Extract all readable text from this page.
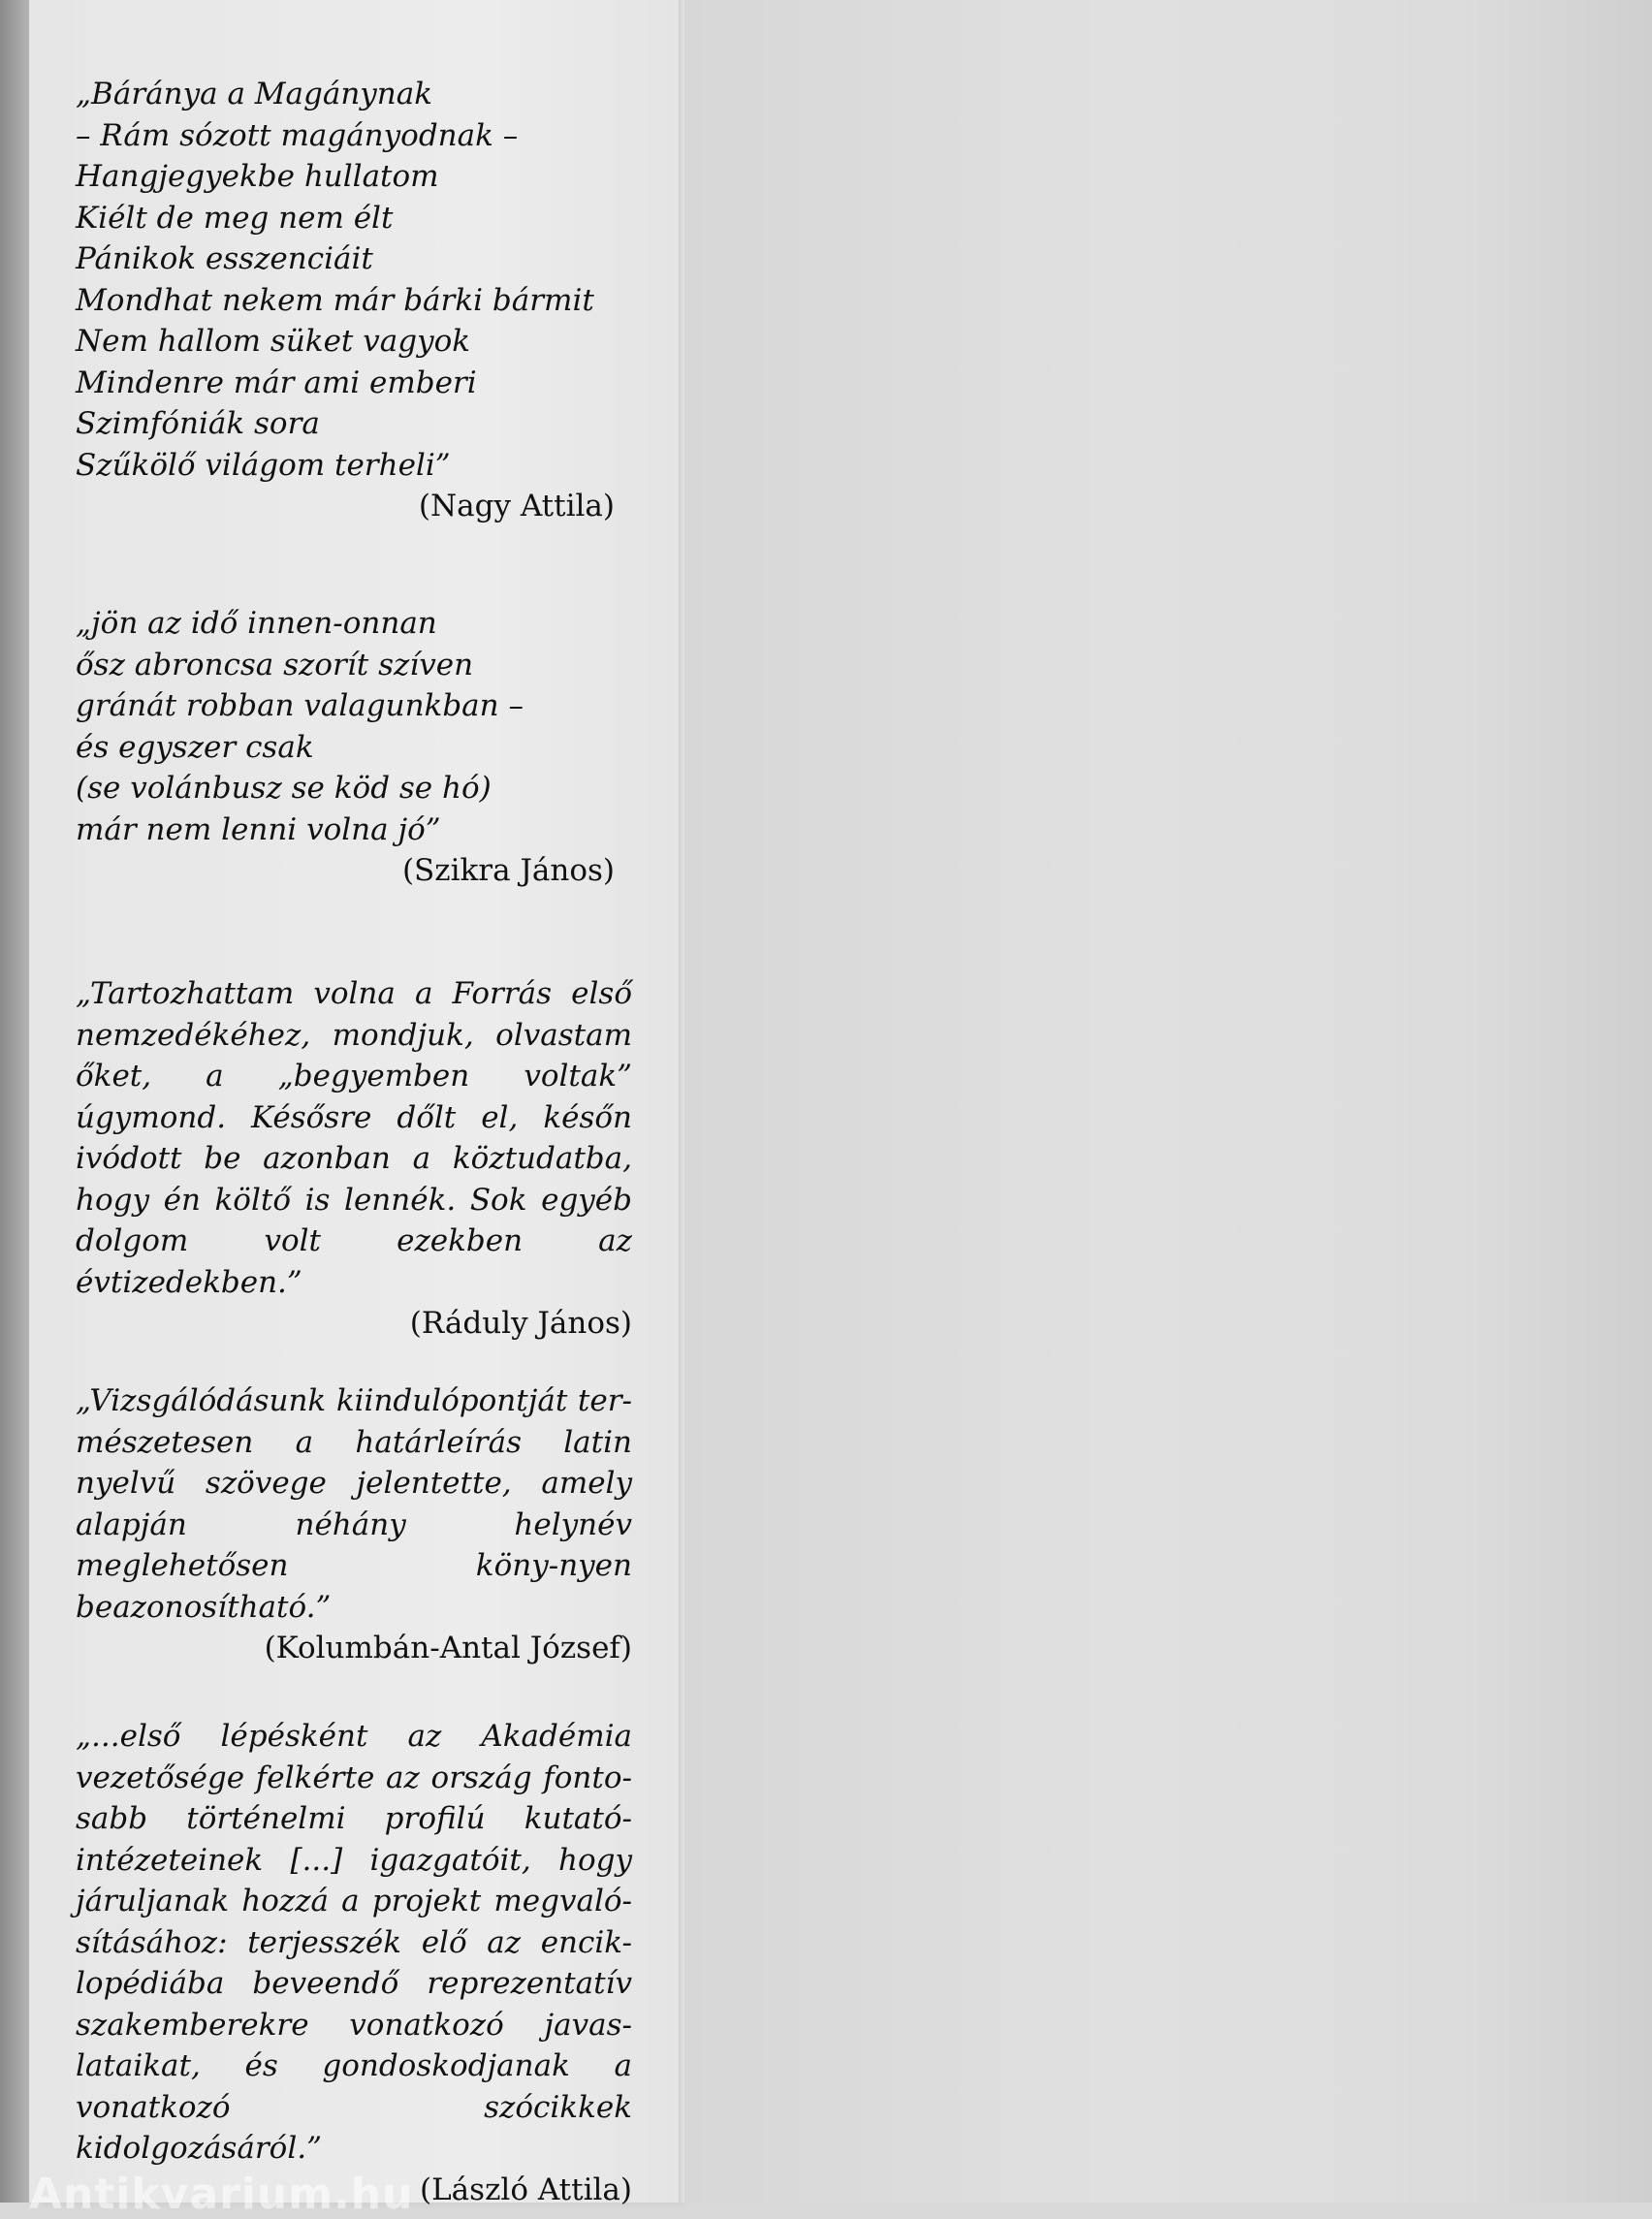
„Báránya a Magánynak
– Rám sózott magányodnak –
Hangjegyekbe hullatom
Kiélt de meg nem élt
Pánikok esszenciáit
Mondhat nekem már bárki bármit
Nem hallom süket vagyok
Mindenre már ami emberi
Szimfóniák sora
Szűkölő világom terheli”
(Nagy Attila)
„jön az idő innen-onnan
ősz abroncsa szorít szíven
gránát robban valagunkban –
és egyszer csak
(se volánbusz se köd se hó)
már nem lenni volna jó”
(Szikra János)

„Tartozhattam volna a Forrás első nemzedékéhez, mondjuk, olvastam őket, a „begyemben voltak” úgymond. Késősre dőlt el, későn ivódott be azonban a köztudatba, hogy én költő is lennék. Sok egyéb dolgom volt ezekben az évtizedekben.”

(Ráduly János)

„Vizsgálódásunk kiindulópontját ter-mészetesen a határleírás latin nyelvű szövege jelentette, amely alapján néhány helynév meglehetősen köny-nyen beazonosítható.”

(Kolumbán-Antal József)

„...első lépésként az Akadémia vezetősége felkérte az ország fonto-sabb történelmi profilú kutató-intézeteinek [...] igazgatóit, hogy járuljanak hozzá a projekt megvaló-sításához: terjesszék elő az encik-lopédiába beveendő reprezentatív szakemberekre vonatkozó javas-lataikat, és gondoskodjanak a vonatkozó szócikkek kidolgozásáról.”

(László Attila)
Antikvarium.hu
